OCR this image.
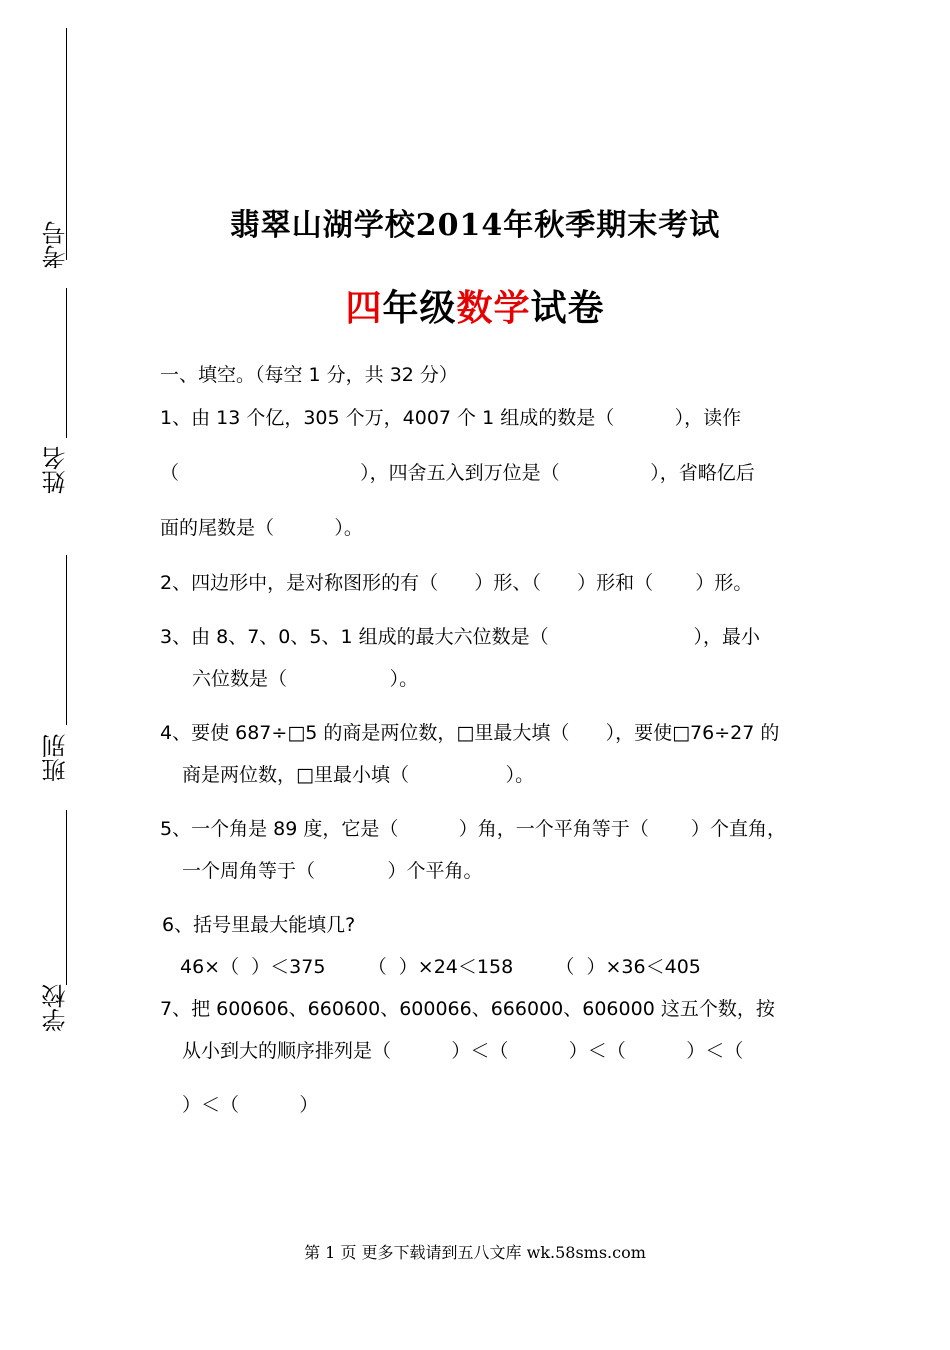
考号
姓名
班别
学校
翡翠山湖学校2014年秋季期末考试
四年级数学试卷
一、填空。（每空 1 分，共 32 分）
1、由 13 个亿，305 个万，4007 个 1 组成的数是（          ），读作
（                              ），四舍五入到万位是（               ），省略亿后
面的尾数是（          ）。
2、四边形中，是对称图形的有（      ）形、（      ）形和（       ）形。
3、由 8、7、0、5、1 组成的最大六位数是（                        ），最小
六位数是（                 ）。
4、要使 687÷□5 的商是两位数，□里最大填（      ），要使□76÷27 的
商是两位数，□里最小填（                ）。
5、一个角是 89 度，它是（          ）角，一个平角等于（       ）个直角，
一个周角等于（            ）个平角。
6、括号里最大能填几?
46×（  ）＜375       （  ）×24＜158       （  ）×36＜405
7、把 600606、660600、600066、666000、606000 这五个数，按
从小到大的顺序排列是（          ）＜（          ）＜（          ）＜（
）＜（          ）
第 1 页 更多下载请到五八文库 wk.58sms.com
